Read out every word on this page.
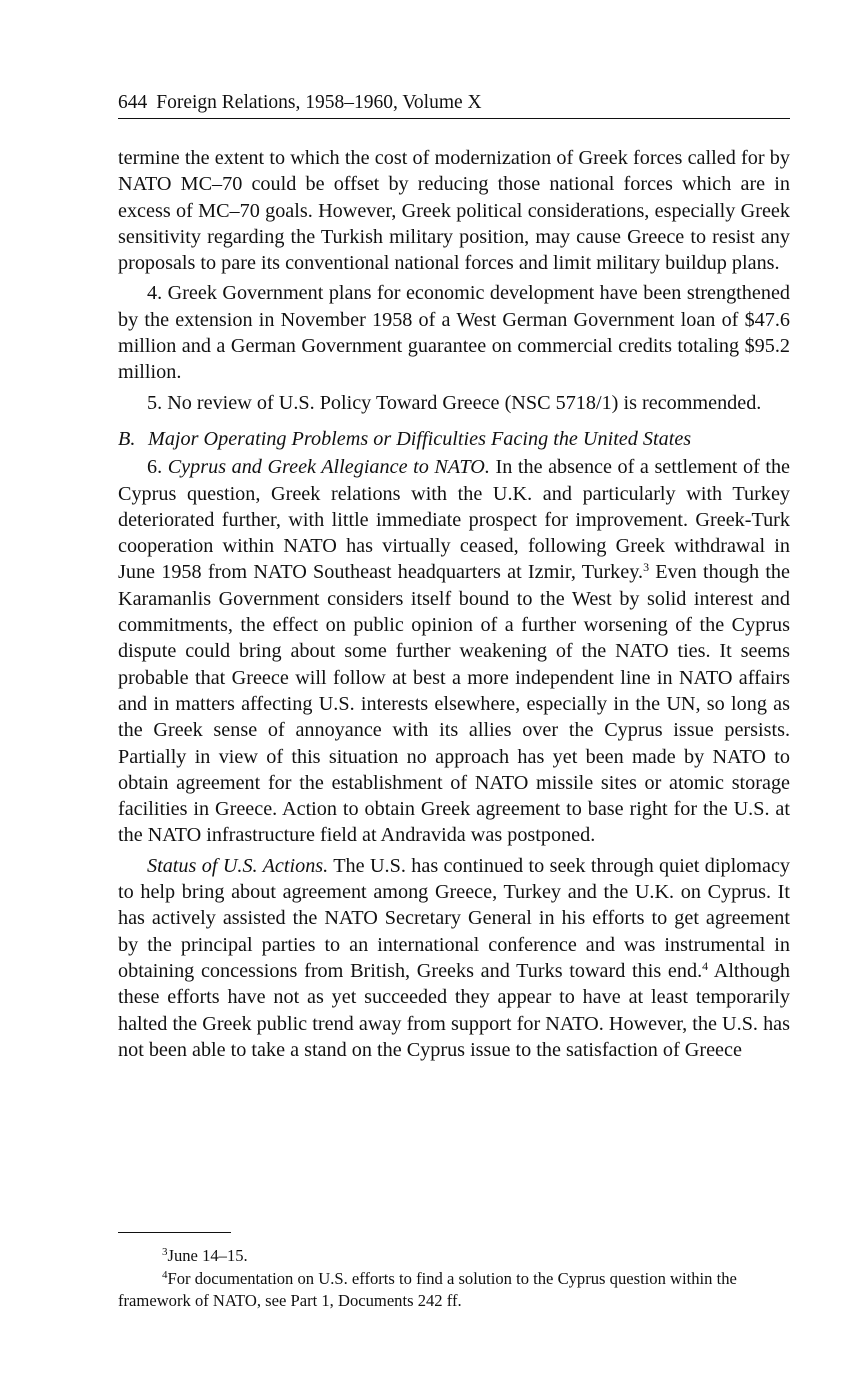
644 Foreign Relations, 1958–1960, Volume X

termine the extent to which the cost of modernization of Greek forces called for by NATO MC–70 could be offset by reducing those national forces which are in excess of MC–70 goals. However, Greek political considerations, especially Greek sensitivity regarding the Turkish military position, may cause Greece to resist any proposals to pare its conventional national forces and limit military buildup plans.

4. Greek Government plans for economic development have been strengthened by the extension in November 1958 of a West German Government loan of $47.6 million and a German Government guarantee on commercial credits totaling $95.2 million.

5. No review of U.S. Policy Toward Greece (NSC 5718/1) is recommended.

B. Major Operating Problems or Difficulties Facing the United States

6. Cyprus and Greek Allegiance to NATO. In the absence of a settlement of the Cyprus question, Greek relations with the U.K. and particularly with Turkey deteriorated further, with little immediate prospect for improvement. Greek-Turk cooperation within NATO has virtually ceased, following Greek withdrawal in June 1958 from NATO Southeast headquarters at Izmir, Turkey.$^3$ Even though the Karamanlis Government considers itself bound to the West by solid interest and commitments, the effect on public opinion of a further worsening of the Cyprus dispute could bring about some further weakening of the NATO ties. It seems probable that Greece will follow at best a more independent line in NATO affairs and in matters affecting U.S. interests elsewhere, especially in the UN, so long as the Greek sense of annoyance with its allies over the Cyprus issue persists. Partially in view of this situation no approach has yet been made by NATO to obtain agreement for the establishment of NATO missile sites or atomic storage facilities in Greece. Action to obtain Greek agreement to base right for the U.S. at the NATO infrastructure field at Andravida was postponed.

Status of U.S. Actions. The U.S. has continued to seek through quiet diplomacy to help bring about agreement among Greece, Turkey and the U.K. on Cyprus. It has actively assisted the NATO Secretary General in his efforts to get agreement by the principal parties to an international conference and was instrumental in obtaining concessions from British, Greeks and Turks toward this end.$^4$ Although these efforts have not as yet succeeded they appear to have at least temporarily halted the Greek public trend away from support for NATO. However, the U.S. has not been able to take a stand on the Cyprus issue to the satisfaction of Greece

$^3$June 14–15.

$^4$For documentation on U.S. efforts to find a solution to the Cyprus question within the framework of NATO, see Part 1, Documents 242 ff.
